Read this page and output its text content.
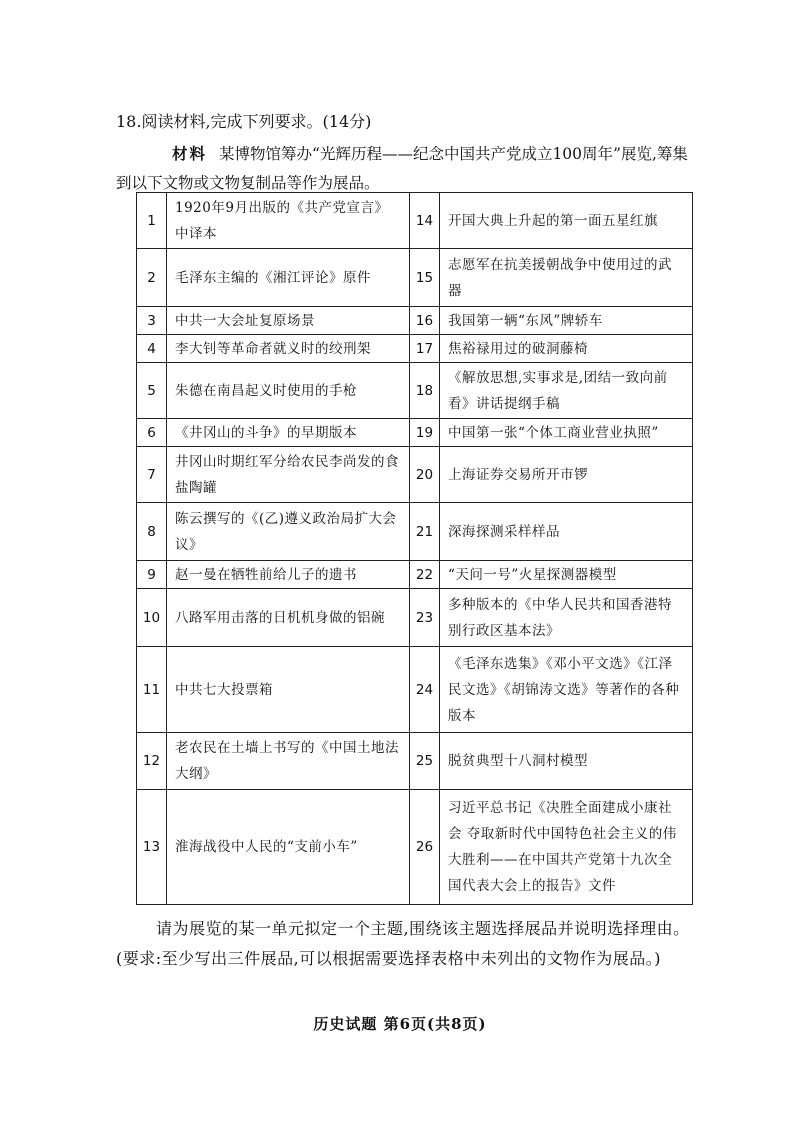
18.阅读材料,完成下列要求。(14分)
材料 某博物馆筹办“光辉历程——纪念中国共产党成立100周年”展览,筹集到以下文物或文物复制品等作为展品。
1	1920年9月出版的《共产党宣言》中译本	14	开国大典上升起的第一面五星红旗
2	毛泽东主编的《湘江评论》原件	15	志愿军在抗美援朝战争中使用过的武器
3	中共一大会址复原场景	16	我国第一辆“东风”牌轿车
4	李大钊等革命者就义时的绞刑架	17	焦裕禄用过的破洞藤椅
5	朱德在南昌起义时使用的手枪	18	《解放思想,实事求是,团结一致向前看》讲话提纲手稿
6	《井冈山的斗争》的早期版本	19	中国第一张“个体工商业营业执照”
7	井冈山时期红军分给农民李尚发的食盐陶罐	20	上海证券交易所开市锣
8	陈云撰写的《(乙)遵义政治局扩大会议》	21	深海探测采样样品
9	赵一曼在牺牲前给儿子的遗书	22	“天问一号”火星探测器模型
10	八路军用击落的日机机身做的铝碗	23	多种版本的《中华人民共和国香港特别行政区基本法》
11	中共七大投票箱	24	《毛泽东选集》《邓小平文选》《江泽民文选》《胡锦涛文选》等著作的各种版本
12	老农民在土墙上书写的《中国土地法大纲》	25	脱贫典型十八洞村模型
13	淮海战役中人民的“支前小车”	26	习近平总书记《决胜全面建成小康社会 夺取新时代中国特色社会主义的伟大胜利——在中国共产党第十九次全国代表大会上的报告》文件
请为展览的某一单元拟定一个主题,围绕该主题选择展品并说明选择理由。(要求:至少写出三件展品,可以根据需要选择表格中未列出的文物作为展品。)
历史试题 第6页(共8页)
